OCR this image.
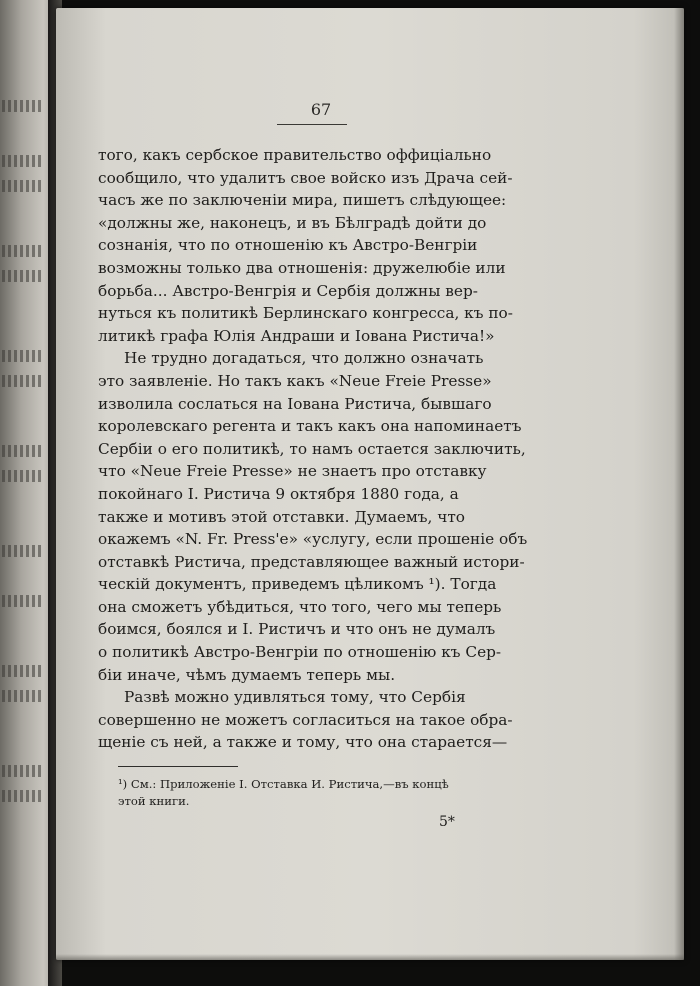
67

того, какъ сербское правительство оффиціально
сообщило, что удалитъ свое войско изъ Драча сей-
часъ же по заключеніи мира, пишетъ слѣдующее:
«должны же, наконецъ, и въ Бѣлградѣ дойти до
сознанія, что по отношенію къ Австро-Венгріи
возможны только два отношенія: дружелюбіе или
борьба... Австро-Венгрія и Сербія должны вер-
нуться къ политикѣ Берлинскаго конгресса, къ по-
литикѣ графа Юлія Андраши и Іована Ристича!»

Не трудно догадаться, что должно означать
это заявленіе. Но такъ какъ «Neue Freie Presse»
изволила сослаться на Іована Ристича, бывшаго
королевскаго регента и такъ какъ она напоминаетъ
Сербіи о его политикѣ, то намъ остается заключить,
что «Neue Freie Presse» не знаетъ про отставку
покойнаго І. Ристича 9 октября 1880 года, а
также и мотивъ этой отставки. Думаемъ, что
окажемъ «N. Fr. Press'e» «услугу, если прошеніе объ
отставкѣ Ристича, представляющее важный истори-
ческій документъ, приведемъ цѣликомъ ¹). Тогда
она сможетъ убѣдиться, что того, чего мы теперь
боимся, боялся и І. Ристичъ и что онъ не думалъ
о политикѣ Австро-Венгріи по отношенію къ Сер-
біи иначе, чѣмъ думаемъ теперь мы.

Развѣ можно удивляться тому, что Сербія
совершенно не можетъ согласиться на такое обра-
щеніе съ ней, а также и тому, что она старается—

¹) См.: Приложеніе І. Отставка И. Ристича,—въ концѣ
этой книги.
5*
